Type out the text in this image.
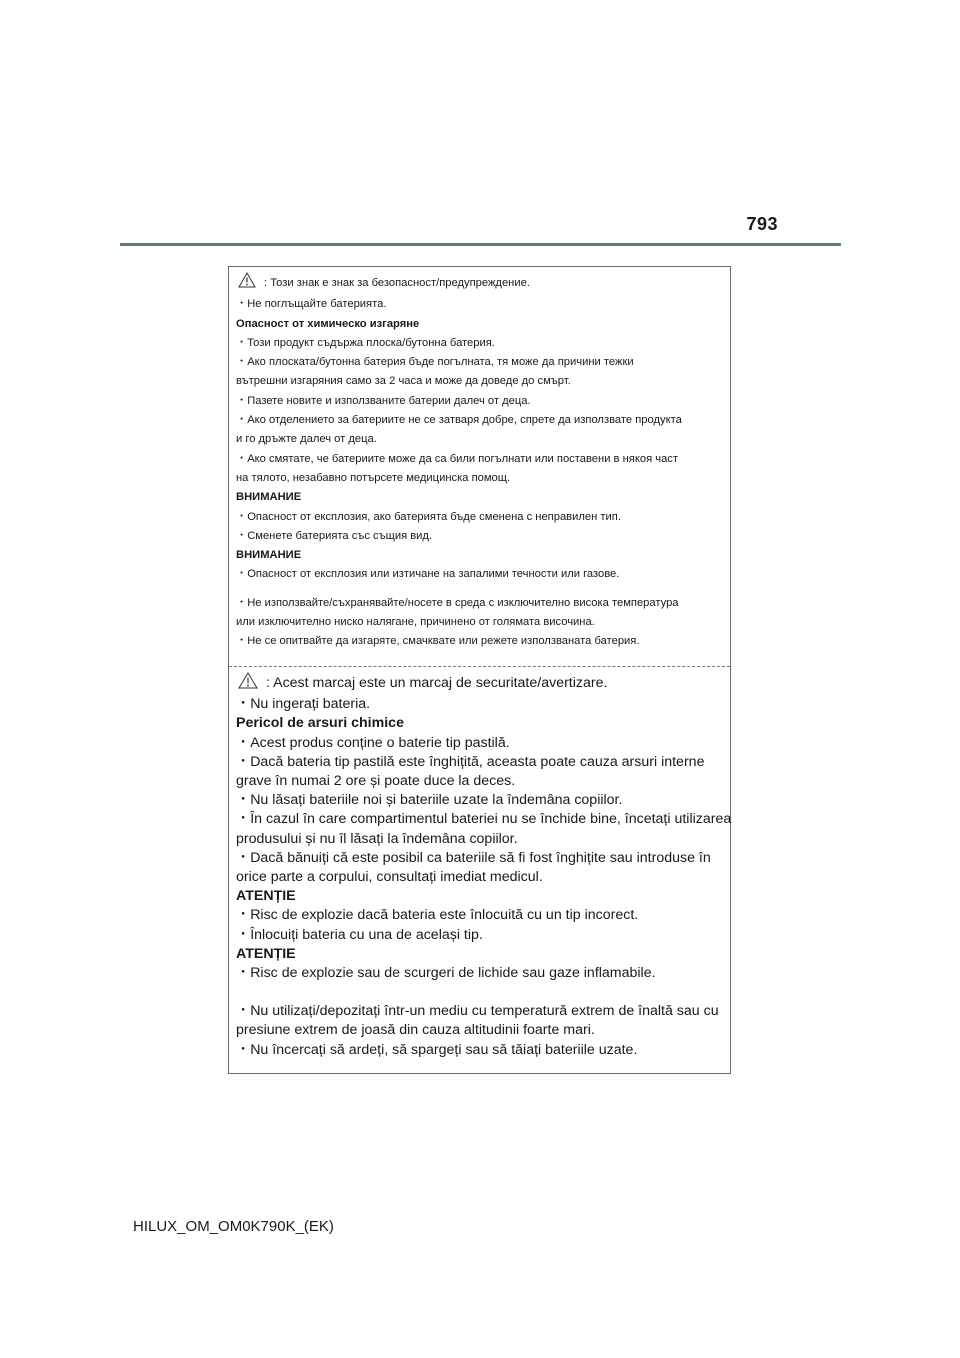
793
: Този знак е знак за безопасност/предупреждение.
・Не поглъщайте батерията.
Опасност от химическо изгаряне
・Този продукт съдържа плоска/бутонна батерия.
・Ако плоската/бутонна батерия бъде погълната, тя може да причини тежки
вътрешни изгаряния само за 2 часа и може да доведе до смърт.
・Пазете новите и използваните батерии далеч от деца.
・Ако отделението за батериите не се затваря добре, спрете да използвате продукта
и го дръжте далеч от деца.
・Ако смятате, че батериите може да са били погълнати или поставени в някоя част
на тялото, незабавно потърсете медицинска помощ.
ВНИМАНИЕ
・Опасност от експлозия, ако батерията бъде сменена с неправилен тип.
・Сменете батерията със същия вид.
ВНИМАНИЕ
・Опасност от експлозия или изтичане на запалими течности или газове.
・Не използвайте/съхранявайте/носете в среда с изключително висока температура
или изключително ниско налягане, причинено от голямата височина.
・Не се опитвайте да изгаряте, смачквате или режете използваната батерия.
: Acest marcaj este un marcaj de securitate/avertizare.
・Nu ingerați bateria.
Pericol de arsuri chimice
・Acest produs conține o baterie tip pastilă.
・Dacă bateria tip pastilă este înghițită, aceasta poate cauza arsuri interne
grave în numai 2 ore și poate duce la deces.
・Nu lăsați bateriile noi și bateriile uzate la îndemâna copiilor.
・În cazul în care compartimentul bateriei nu se închide bine, încetați utilizarea
produsului și nu îl lăsați la îndemâna copiilor.
・Dacă bănuiți că este posibil ca bateriile să fi fost înghițite sau introduse în
orice parte a corpului, consultați imediat medicul.
ATENȚIE
・Risc de explozie dacă bateria este înlocuită cu un tip incorect.
・Înlocuiți bateria cu una de același tip.
ATENȚIE
・Risc de explozie sau de scurgeri de lichide sau gaze inflamabile.
・Nu utilizați/depozitați într-un mediu cu temperatură extrem de înaltă sau cu
presiune extrem de joasă din cauza altitudinii foarte mari.
・Nu încercați să ardeți, să spargeți sau să tăiați bateriile uzate.
HILUX_OM_OM0K790K_(EK)
